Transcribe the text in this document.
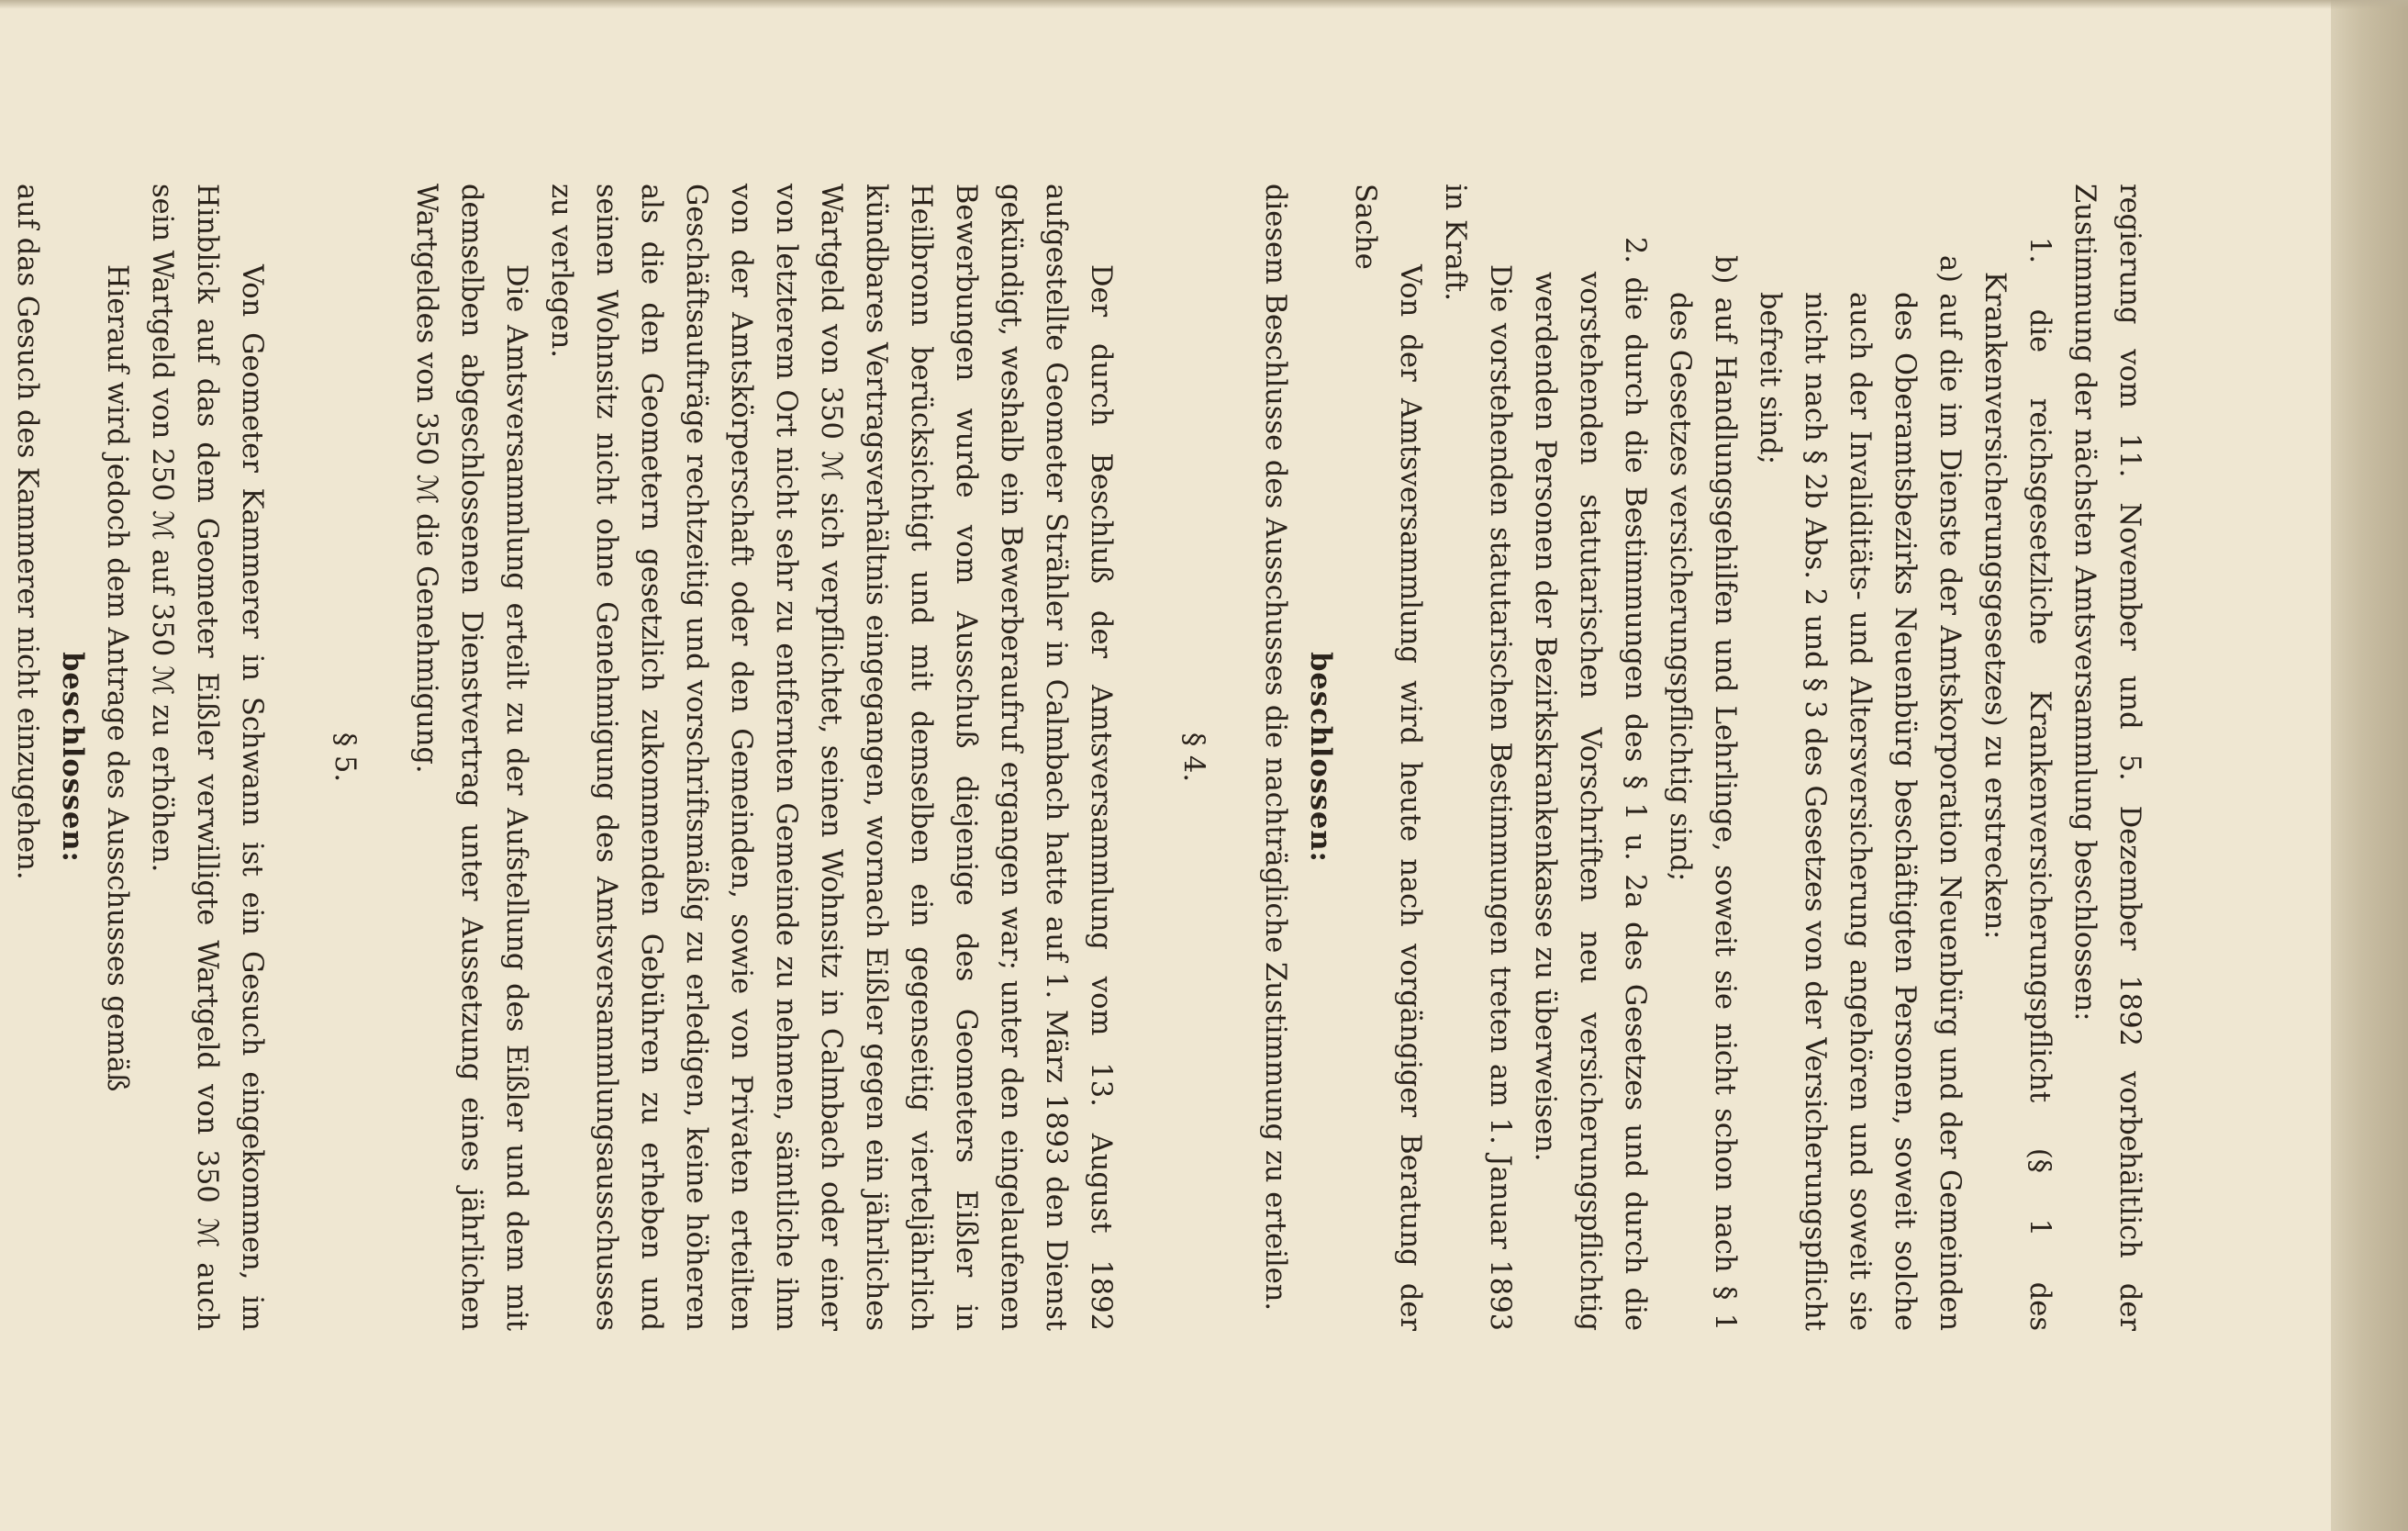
regierung vom 11. November und 5. Dezember 1892 vorbehältlich der Zustimmung der nächsten Amtsversammlung beschlossen:

1. die reichsgesetzliche Krankenversicherungspflicht (§ 1 des Krankenversicherungsgesetzes) zu erstrecken:

a) auf die im Dienste der Amtskorporation Neuenbürg und der Gemeinden des Oberamtsbezirks Neuenbürg beschäftigten Personen, soweit solche auch der Invaliditäts- und Altersversicherung angehören und soweit sie nicht nach § 2b Abs. 2 und § 3 des Gesetzes von der Versicherungspflicht befreit sind;

b) auf Handlungsgehilfen und Lehrlinge, soweit sie nicht schon nach § 1 des Gesetzes versicherungspflichtig sind;

2. die durch die Bestimmungen des § 1 u. 2a des Gesetzes und durch die vorstehenden statutarischen Vorschriften neu versicherungspflichtig werdenden Personen der Bezirkskrankenkasse zu überweisen.

Die vorstehenden statutarischen Bestimmungen treten am 1. Januar 1893 in Kraft.

Von der Amtsversammlung wird heute nach vorgängiger Beratung der Sache

beschlossen:

diesem Beschlusse des Ausschusses die nachträgliche Zustimmung zu erteilen.

§ 4.

Der durch Beschluß der Amtsversammlung vom 13. August 1892 aufgestellte Geometer Strähler in Calmbach hatte auf 1. März 1893 den Dienst gekündigt, weshalb ein Bewerberaufruf ergangen war; unter den eingelaufenen Bewerbungen wurde vom Ausschuß diejenige des Geometers Eißler in Heilbronn berücksichtigt und mit demselben ein gegenseitig vierteljährlich kündbares Vertragsverhältnis eingegangen, wornach Eißler gegen ein jährliches Wartgeld von 350 ℳ sich verpflichtet, seinen Wohnsitz in Calmbach oder einer von letzterem Ort nicht sehr zu entfernten Gemeinde zu nehmen, sämtliche ihm von der Amtskörperschaft oder den Gemeinden, sowie von Privaten erteilten Geschäftsaufträge rechtzeitig und vorschriftsmäßig zu erledigen, keine höheren als die den Geometern gesetzlich zukommenden Gebühren zu erheben und seinen Wohnsitz nicht ohne Genehmigung des Amtsversammlungsausschusses zu verlegen.

Die Amtsversammlung erteilt zu der Aufstellung des Eißler und dem mit demselben abgeschlossenen Dienstvertrag unter Aussetzung eines jährlichen Wartgeldes von 350 ℳ die Genehmigung.

§ 5.

Von Geometer Kammerer in Schwann ist ein Gesuch eingekommen, im Hinblick auf das dem Geometer Eißler verwilligte Wartgeld von 350 ℳ auch sein Wartgeld von 250 ℳ auf 350 ℳ zu erhöhen.

Hierauf wird jedoch dem Antrage des Ausschusses gemäß

beschlossen:

auf das Gesuch des Kammerer nicht einzugehen.
